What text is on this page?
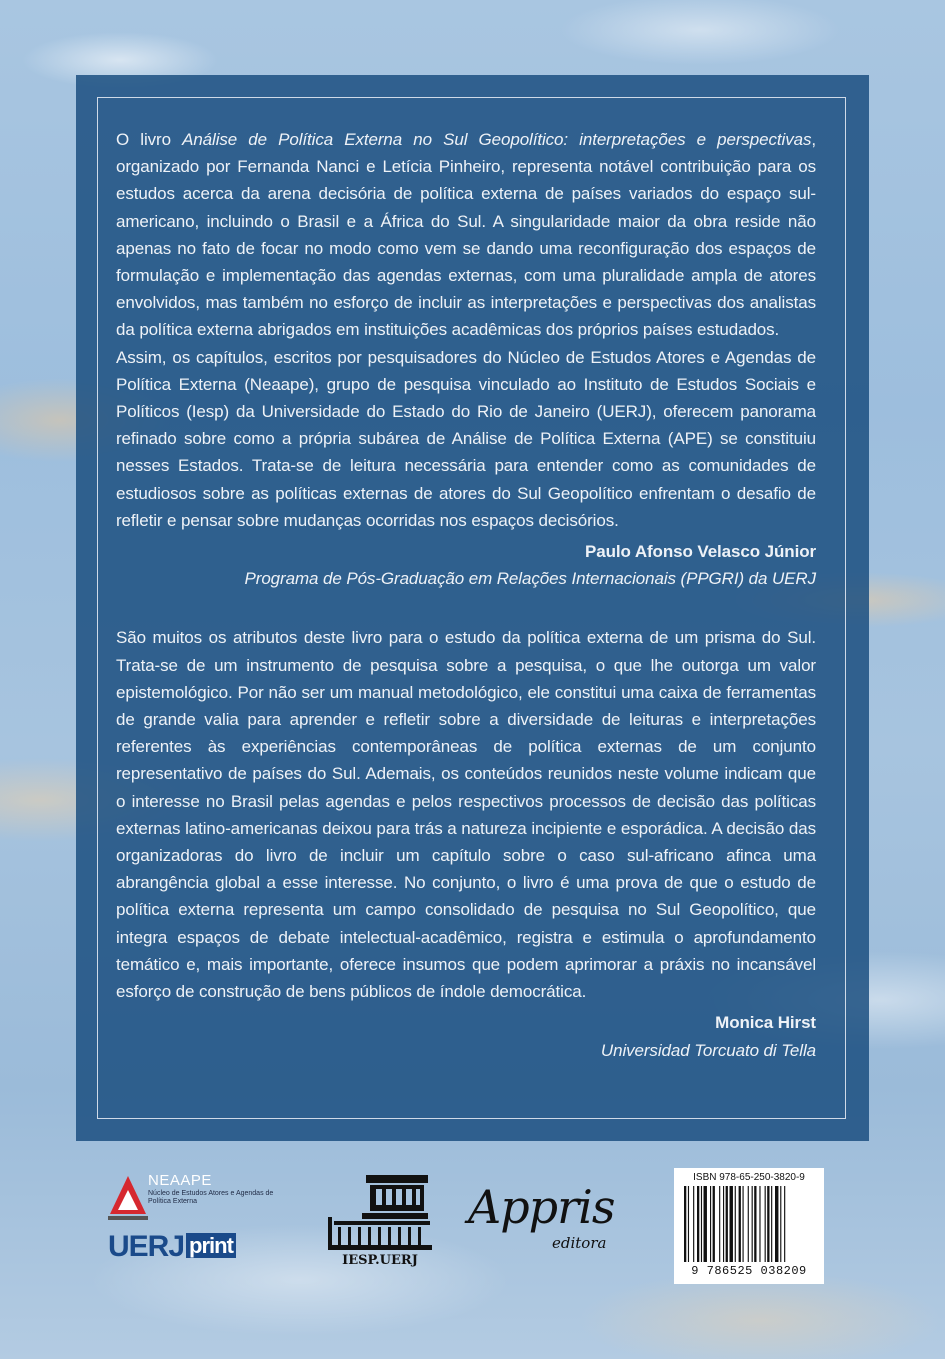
O livro Análise de Política Externa no Sul Geopolítico: interpretações e perspectivas, organizado por Fernanda Nanci e Letícia Pinheiro, representa notável contribuição para os estudos acerca da arena decisória de política externa de países variados do espaço sul-americano, incluindo o Brasil e a África do Sul. A singularidade maior da obra reside não apenas no fato de focar no modo como vem se dando uma reconfiguração dos espaços de formulação e implementação das agendas externas, com uma pluralidade ampla de atores envolvidos, mas também no esforço de incluir as interpretações e perspectivas dos analistas da política externa abrigados em instituições acadêmicas dos próprios países estudados.

Assim, os capítulos, escritos por pesquisadores do Núcleo de Estudos Atores e Agendas de Política Externa (Neaape), grupo de pesquisa vinculado ao Instituto de Estudos Sociais e Políticos (Iesp) da Universidade do Estado do Rio de Janeiro (UERJ), oferecem panorama refinado sobre como a própria subárea de Análise de Política Externa (APE) se constituiu nesses Estados. Trata-se de leitura necessária para entender como as comunidades de estudiosos sobre as políticas externas de atores do Sul Geopolítico enfrentam o desafio de refletir e pensar sobre mudanças ocorridas nos espaços decisórios.

Paulo Afonso Velasco Júnior

Programa de Pós-Graduação em Relações Internacionais (PPGRI) da UERJ

São muitos os atributos deste livro para o estudo da política externa de um prisma do Sul. Trata-se de um instrumento de pesquisa sobre a pesquisa, o que lhe outorga um valor epistemológico. Por não ser um manual metodológico, ele constitui uma caixa de ferramentas de grande valia para aprender e refletir sobre a diversidade de leituras e interpretações referentes às experiências contemporâneas de política externas de um conjunto representativo de países do Sul. Ademais, os conteúdos reunidos neste volume indicam que o interesse no Brasil pelas agendas e pelos respectivos processos de decisão das políticas externas latino-americanas deixou para trás a natureza incipiente e esporádica. A decisão das organizadoras do livro de incluir um capítulo sobre o caso sul-africano afinca uma abrangência global a esse interesse. No conjunto, o livro é uma prova de que o estudo de política externa representa um campo consolidado de pesquisa no Sul Geopolítico, que integra espaços de debate intelectual-acadêmico, registra e estimula o aprofundamento temático e, mais importante, oferece insumos que podem aprimorar a práxis no incansável esforço de construção de bens públicos de índole democrática.

Monica Hirst

Universidad Torcuato di Tella

NEAAPE
Núcleo de Estudos Atores e Agendas de Política Externa
UERJ print
IESP.UERJ
Appris
editora
ISBN 978-65-250-3820-9
9 786525 038209
